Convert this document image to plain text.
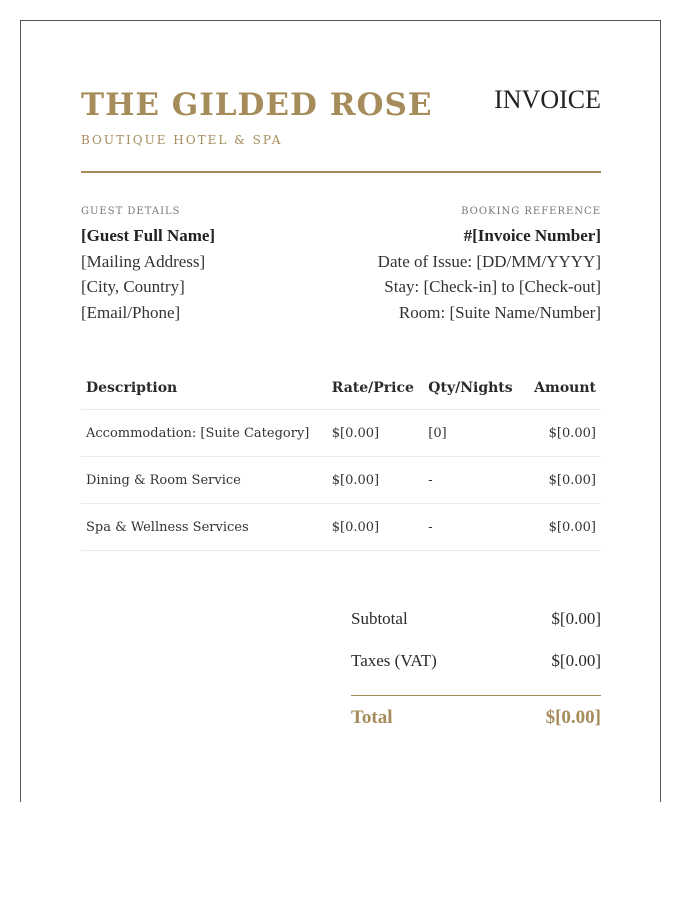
THE GILDED ROSE
BOUTIQUE HOTEL & SPA
INVOICE
GUEST DETAILS
[Guest Full Name]
[Mailing Address]
[City, Country]
[Email/Phone]
BOOKING REFERENCE
#[Invoice Number]
Date of Issue: [DD/MM/YYYY]
Stay: [Check-in] to [Check-out]
Room: [Suite Name/Number]
Description	Rate/Price	Qty/Nights	Amount
Accommodation: [Suite Category]	$[0.00]	[0]	$[0.00]
Dining & Room Service	$[0.00]	-	$[0.00]
Spa & Wellness Services	$[0.00]	-	$[0.00]
Subtotal	$[0.00]
Taxes (VAT)	$[0.00]
Total	$[0.00]
